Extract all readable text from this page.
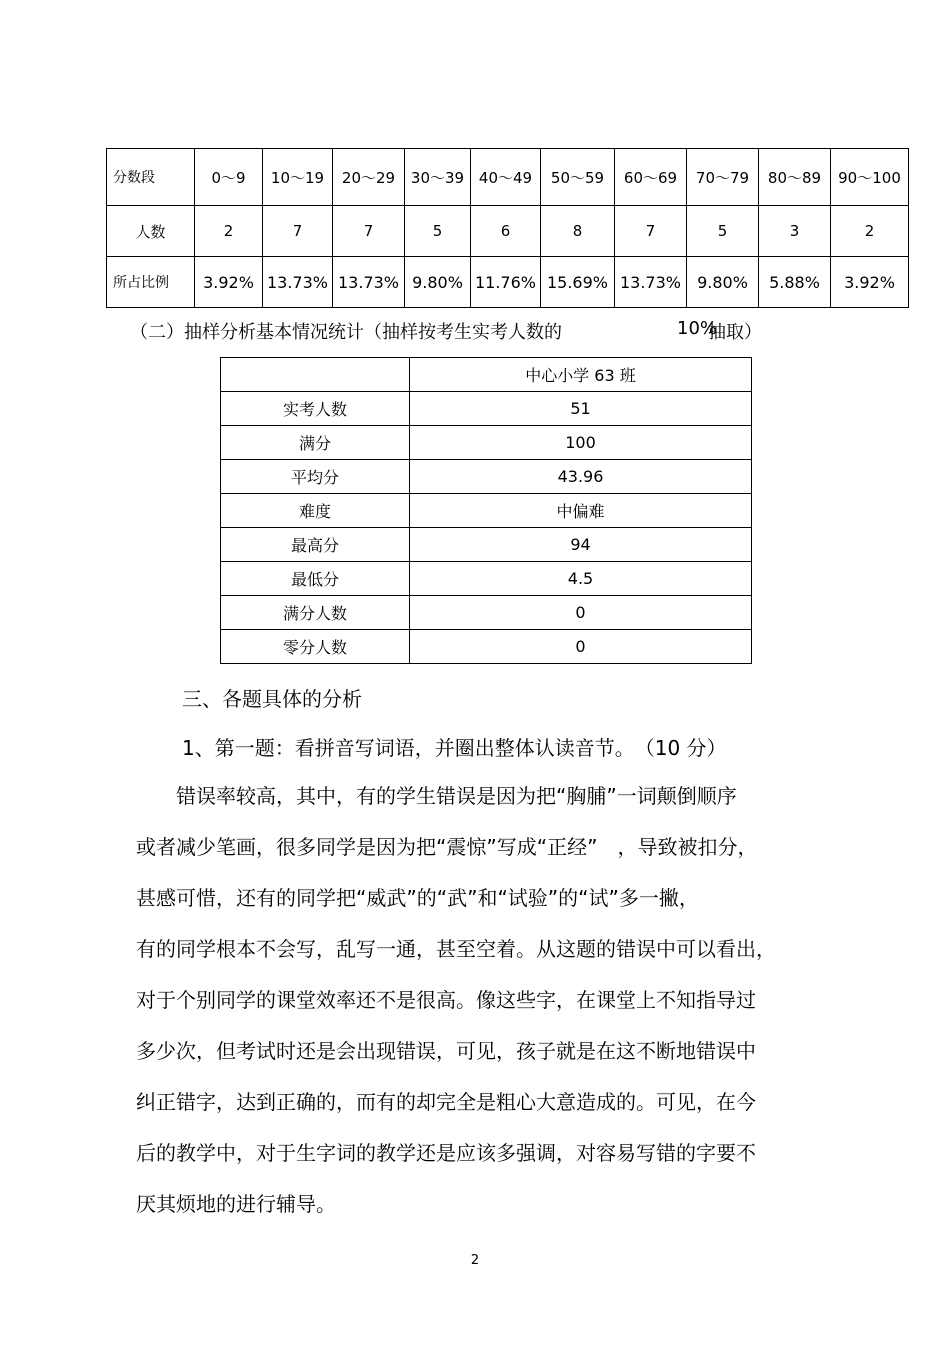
分数段	0～9	10～19	20～29	30～39	40～49	50～59	60～69	70～79	80～89	90～100
人数	2	7	7	5	6	8	7	5	3	2
所占比例	3.92%	13.73%	13.73%	9.80%	11.76%	15.69%	13.73%	9.80%	5.88%	3.92%
（二）抽样分析基本情况统计（抽样按考生实考人数的	10%
抽取）
	中心小学 63 班
实考人数	51
满分	100
平均分	43.96
难度	中偏难
最高分	94
最低分	4.5
满分人数	0
零分人数	0
三、各题具体的分析
1、第一题：看拼音写词语，并圈出整体认读音节。　（10 分）
　　错误率较高，其中，有的学生错误是因为把“胸脯”一词颠倒顺序
或者减少笔画，很多同学是因为把“震惊”写成“正经”　，导致被扣分，
甚感可惜，还有的同学把“威武”的“武”和“试验”的“试”多一撇，
有的同学根本不会写，乱写一通，甚至空着。从这题的错误中可以看出，
对于个别同学的课堂效率还不是很高。像这些字，在课堂上不知指导过
多少次，但考试时还是会出现错误，可见，孩子就是在这不断地错误中
纠正错字，达到正确的，而有的却完全是粗心大意造成的。可见，在今
后的教学中，对于生字词的教学还是应该多强调，对容易写错的字要不
厌其烦地的进行辅导。
2
